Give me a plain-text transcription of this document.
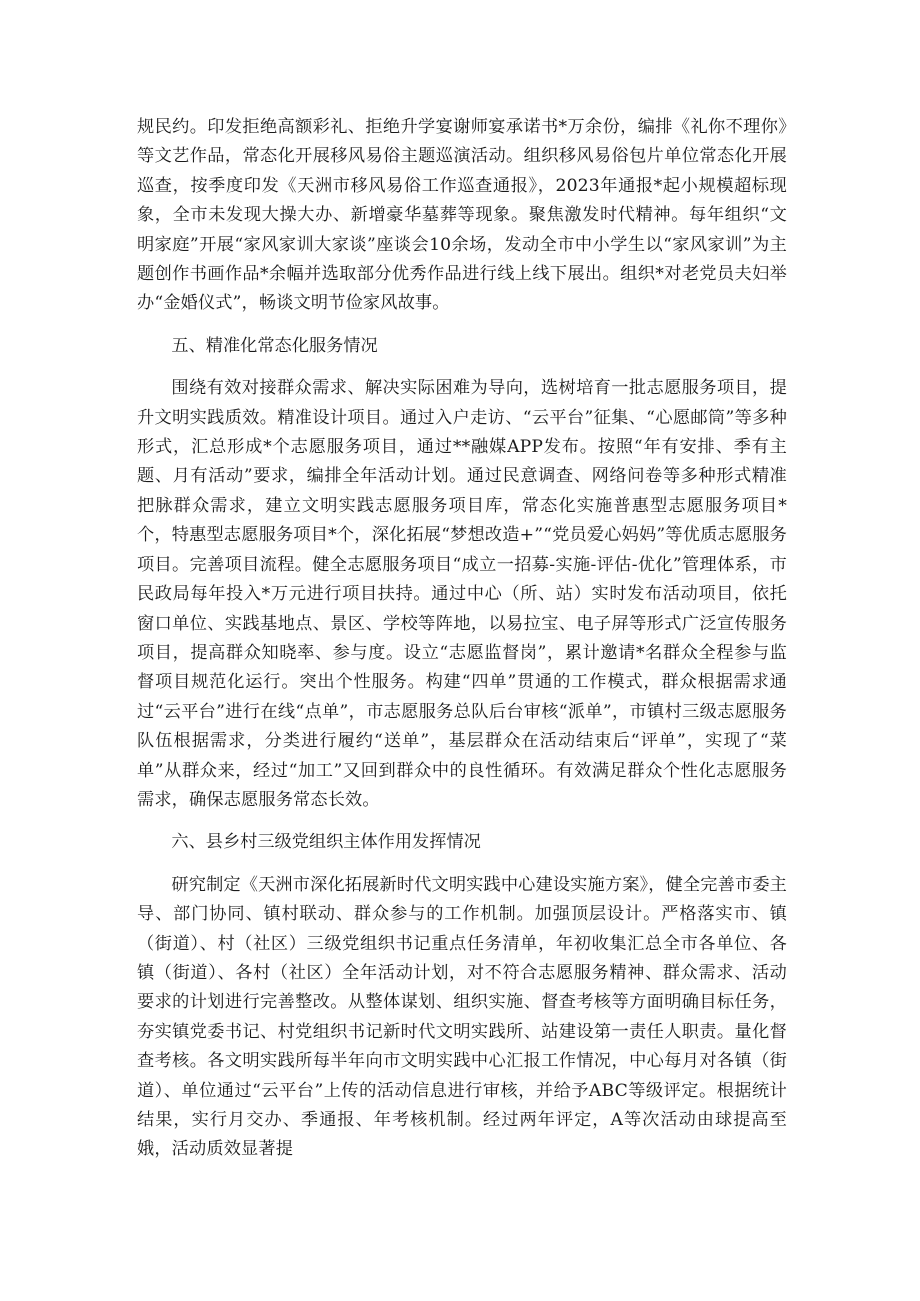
规民约。印发拒绝高额彩礼、拒绝升学宴谢师宴承诺书*万余份，编排《礼你不理你》等文艺作品，常态化开展移风易俗主题巡演活动。组织移风易俗包片单位常态化开展巡查，按季度印发《天洲市移风易俗工作巡查通报》，2023年通报*起小规模超标现象，全市未发现大操大办、新增豪华墓葬等现象。聚焦激发时代精神。每年组织“文明家庭”开展“家风家训大家谈”座谈会10余场，发动全市中小学生以“家风家训”为主题创作书画作品*余幅并选取部分优秀作品进行线上线下展出。组织*对老党员夫妇举办“金婚仪式”，畅谈文明节俭家风故事。

五、精准化常态化服务情况

围绕有效对接群众需求、解决实际困难为导向，选树培育一批志愿服务项目，提升文明实践质效。精准设计项目。通过入户走访、“云平台”征集、“心愿邮筒”等多种形式，汇总形成*个志愿服务项目，通过**融媒APP发布。按照“年有安排、季有主题、月有活动”要求，编排全年活动计划。通过民意调查、网络问卷等多种形式精准把脉群众需求，建立文明实践志愿服务项目库，常态化实施普惠型志愿服务项目*个，特惠型志愿服务项目*个，深化拓展“梦想改造+”“党员爱心妈妈”等优质志愿服务项目。完善项目流程。健全志愿服务项目“成立一招募-实施-评估-优化”管理体系，市民政局每年投入*万元进行项目扶持。通过中心（所、站）实时发布活动项目，依托窗口单位、实践基地点、景区、学校等阵地，以易拉宝、电子屏等形式广泛宣传服务项目，提高群众知晓率、参与度。设立“志愿监督岗”，累计邀请*名群众全程参与监督项目规范化运行。突出个性服务。构建“四单”贯通的工作模式，群众根据需求通过“云平台”进行在线“点单”，市志愿服务总队后台审核“派单”，市镇村三级志愿服务队伍根据需求，分类进行履约“送单”，基层群众在活动结束后“评单”，实现了“菜单”从群众来，经过“加工”又回到群众中的良性循环。有效满足群众个性化志愿服务需求，确保志愿服务常态长效。

六、县乡村三级党组织主体作用发挥情况

研究制定《天洲市深化拓展新时代文明实践中心建设实施方案》，健全完善市委主导、部门协同、镇村联动、群众参与的工作机制。加强顶层设计。严格落实市、镇（街道）、村（社区）三级党组织书记重点任务清单，年初收集汇总全市各单位、各镇（街道）、各村（社区）全年活动计划，对不符合志愿服务精神、群众需求、活动要求的计划进行完善整改。从整体谋划、组织实施、督查考核等方面明确目标任务，夯实镇党委书记、村党组织书记新时代文明实践所、站建设第一责任人职责。量化督查考核。各文明实践所每半年向市文明实践中心汇报工作情况，中心每月对各镇（街道）、单位通过“云平台”上传的活动信息进行审核，并给予ABC等级评定。根据统计结果，实行月交办、季通报、年考核机制。经过两年评定，A等次活动由球提高至娥，活动质效显著提
